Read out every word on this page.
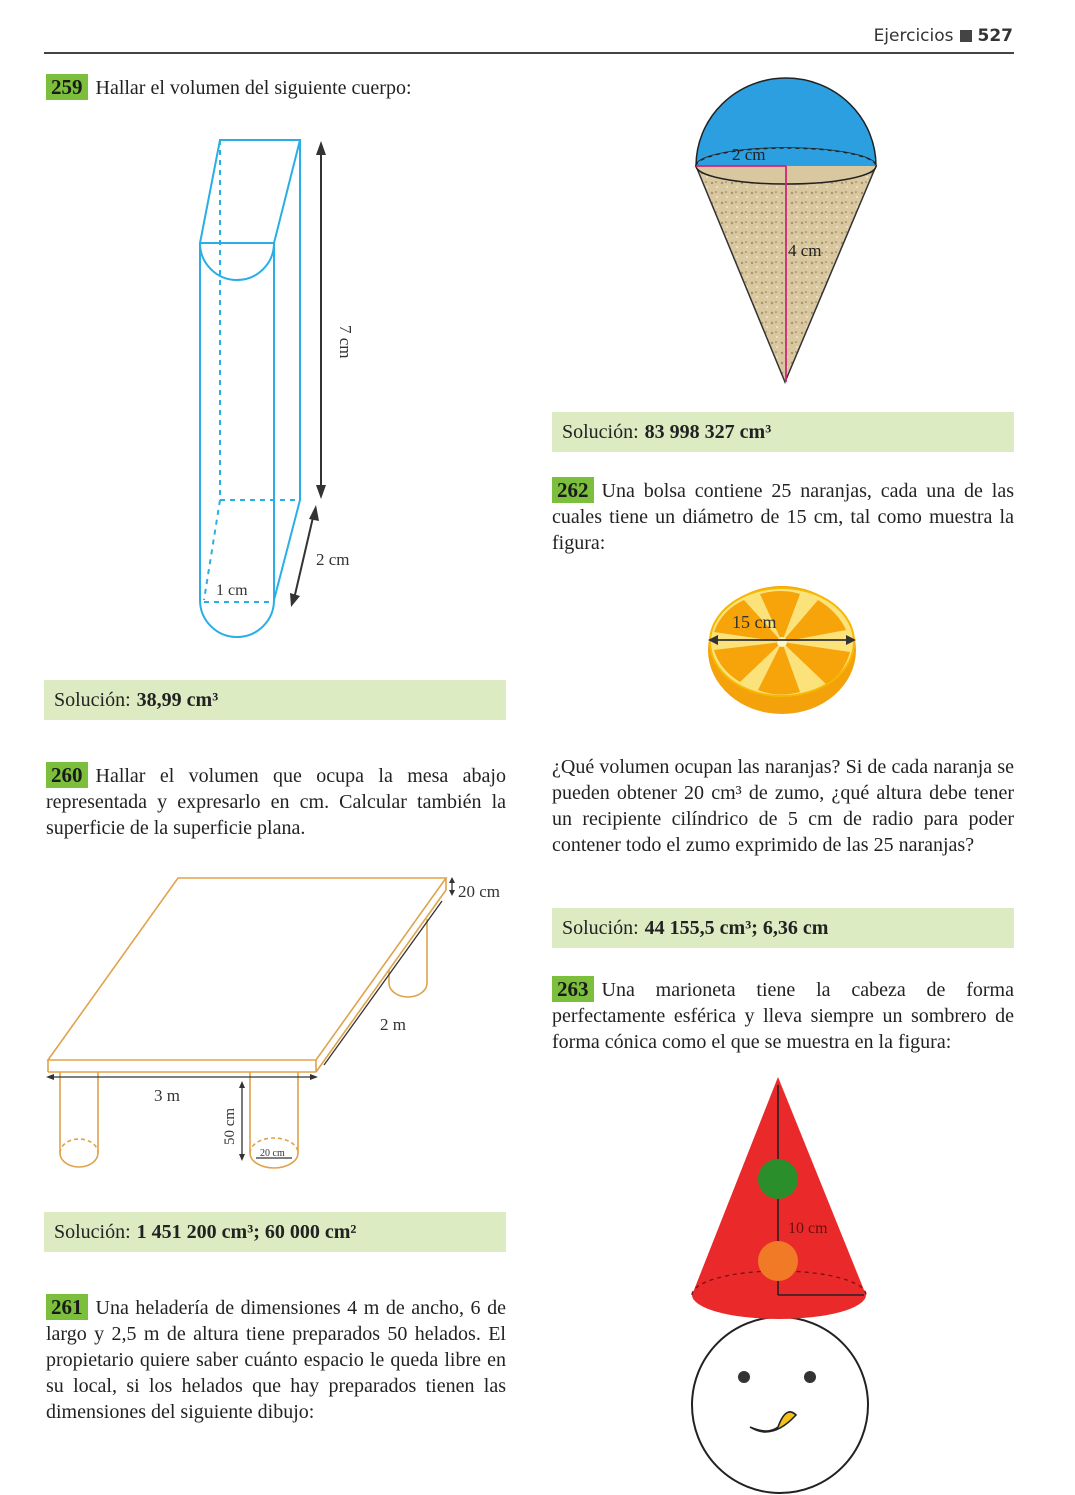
Ejercicios 527
259 Hallar el volumen del siguiente cuerpo:
7 cm
2 cm
1 cm
Solución: 38,99 cm³
260 Hallar el volumen que ocupa la mesa abajo representada y expresarlo en cm. Calcular también la superficie de la superficie plana.
20 cm
2 m
3 m
50 cm
20 cm
Solución: 1 451 200 cm³; 60 000 cm²
261 Una heladería de dimensiones 4 m de ancho, 6 de largo y 2,5 m de altura tiene preparados 50 helados. El propietario quiere saber cuánto espacio le queda libre en su local, si los helados que hay preparados tienen las dimensiones del siguiente dibujo:
2 cm
4 cm
Solución: 83 998 327 cm³
262 Una bolsa contiene 25 naranjas, cada una de las cuales tiene un diámetro de 15 cm, tal como muestra la figura:
15 cm
¿Qué volumen ocupan las naranjas? Si de cada naranja se pueden obtener 20 cm³ de zumo, ¿qué altura debe tener un recipiente cilíndrico de 5 cm de radio para poder contener todo el zumo exprimido de las 25 naranjas?
Solución: 44 155,5 cm³; 6,36 cm
263 Una marioneta tiene la cabeza de forma perfectamente esférica y lleva siempre un sombrero de forma cónica como el que se muestra en la figura:
10 cm
